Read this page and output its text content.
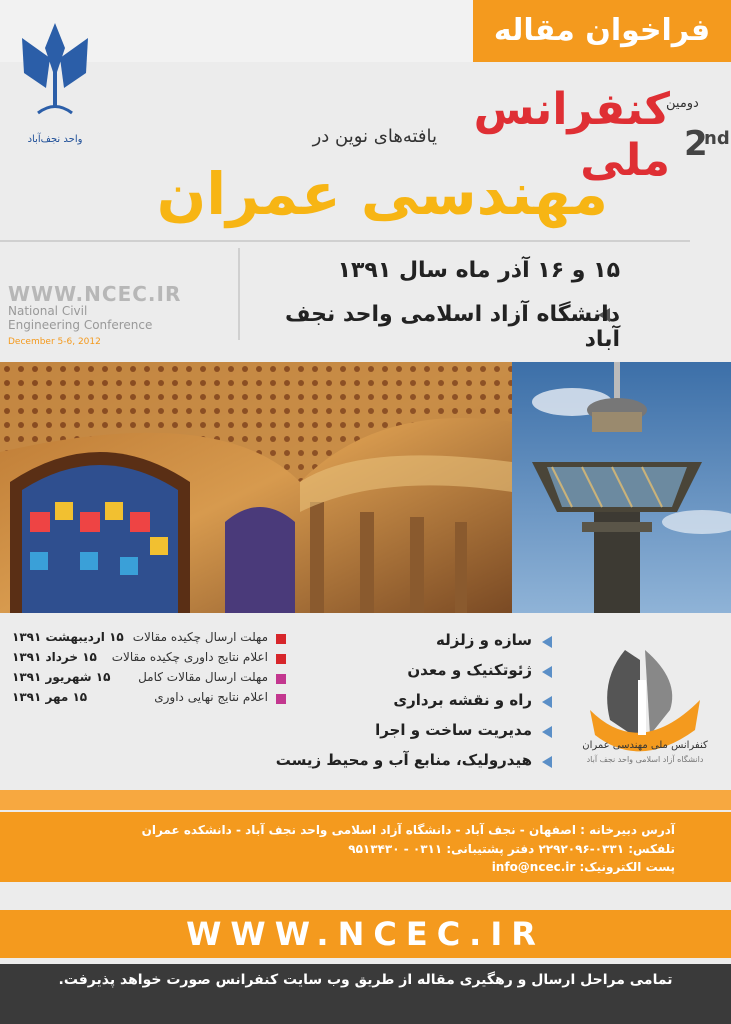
فراخوان مقاله
واحد نجف‌آباد
دومین
2
nd
کنفرانس ملی
یافته‌های نوین در
مهندسی عمران
۱۵ و ۱۶ آذر ماه سال ۱۳۹۱
دانشگاه آزاد اسلامی واحد نجف آباد
WWW.NCEC.IR
National Civil
Engineering Conference
December 5-6, 2012
مهلت ارسال چکیده مقالات
۱۵ اردیبهشت ۱۳۹۱
اعلام نتایج داوری چکیده مقالات
۱۵ خرداد ۱۳۹۱
مهلت ارسال مقالات کامل
۱۵ شهریور ۱۳۹۱
اعلام نتایج نهایی داوری
۱۵ مهر ۱۳۹۱
سازه و زلزله
ژئوتکنیک و معدن
راه و نقشه برداری
مدیریت ساخت و اجرا
هیدرولیک، منابع آب و محیط زیست
کنفرانس ملی مهندسی عمران
دانشگاه آزاد اسلامی واحد نجف آباد
آدرس دبیرخانه : اصفهان - نجف آباد - دانشگاه آزاد اسلامی واحد نجف آباد - دانشکده عمران
تلفکس: ۰۳۳۱-۲۲۹۲۰۹۶ دفتر پشتیبانی: ۰۳۱۱ - ۹۵۱۳۴۳۰
پست الکترونیک: info@ncec.ir
WWW.NCEC.IR
تمامی مراحل ارسال و رهگیری مقاله از طریق وب سایت کنفرانس صورت خواهد پذیرفت.
